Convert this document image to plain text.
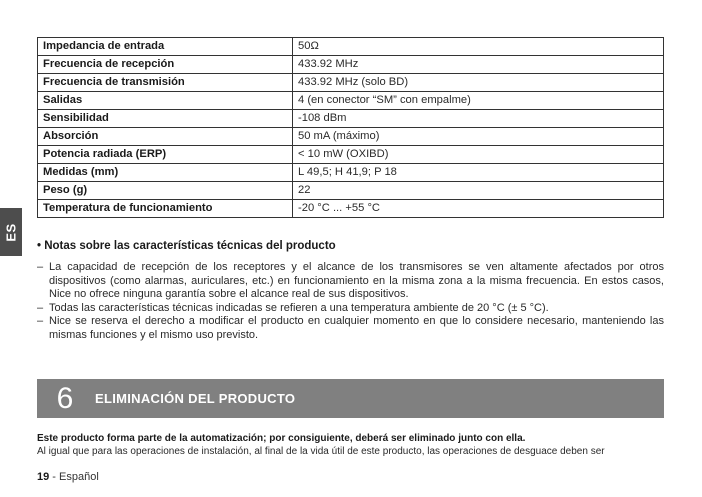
ES
Impedancia de entrada	50Ω
Frecuencia de recepción	433.92 MHz
Frecuencia de transmisión	433.92 MHz (solo BD)
Salidas	4 (en conector “SM” con empalme)
Sensibilidad	-108 dBm
Absorción	50 mA (máximo)
Potencia radiada (ERP)	< 10 mW (OXIBD)
Medidas (mm)	L 49,5; H 41,9; P 18
Peso (g)	22
Temperatura de funcionamiento	-20 °C ... +55 °C

• Notas sobre las características técnicas del producto

– La capacidad de recepción de los receptores y el alcance de los transmisores se ven altamente afectados por otros dispositivos (como alarmas, auriculares, etc.) en funcionamiento en la misma zona a la misma frecuencia. En estos casos, Nice no ofrece ninguna garantía sobre el alcance real de sus dispositivos.
– Todas las características técnicas indicadas se refieren a una temperatura ambiente de 20 °C (± 5 °C).
– Nice se reserva el derecho a modificar el producto en cualquier momento en que lo considere necesario, manteniendo las mismas funciones y el mismo uso previsto.
6	ELIMINACIÓN DEL PRODUCTO

Este producto forma parte de la automatización; por consiguiente, deberá ser eliminado junto con ella.

Al igual que para las operaciones de instalación, al final de la vida útil de este producto, las operaciones de desguace deben ser

19 - Español
